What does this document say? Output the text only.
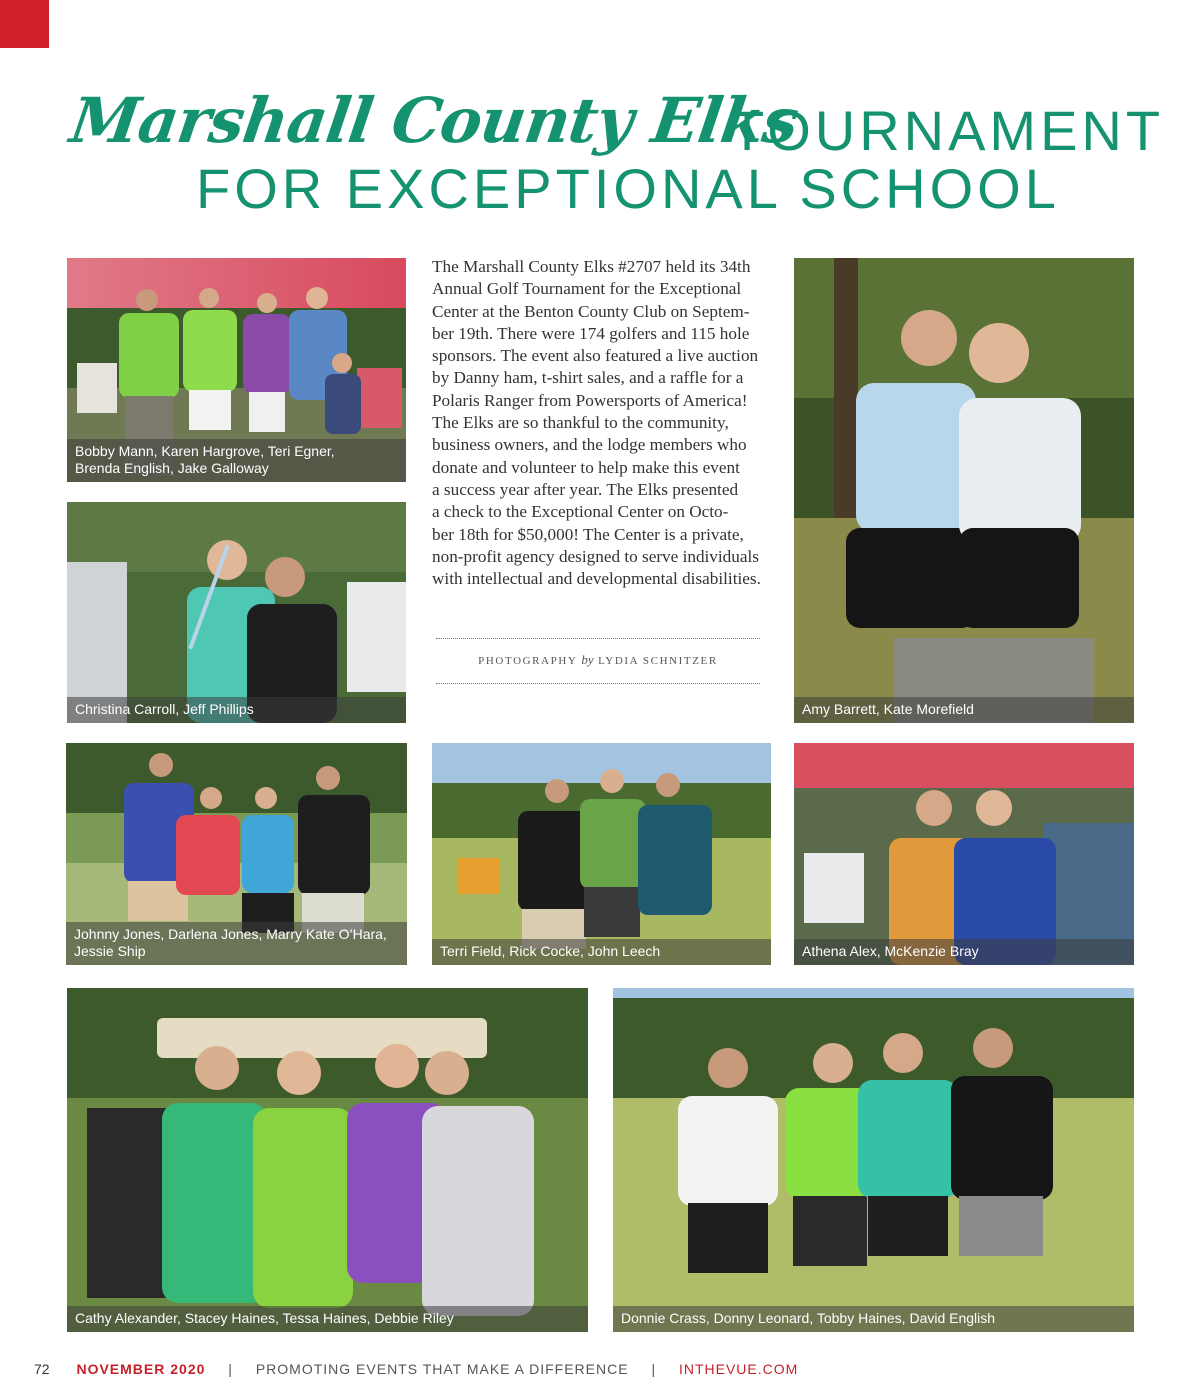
Marshall County Elks
TOURNAMENT
FOR EXCEPTIONAL SCHOOL
Bobby Mann, Karen Hargrove, Teri Egner,
Brenda English, Jake Galloway
Christina Carroll, Jeff Phillips	Amy Barrett, Kate Morefield
Johnny Jones, Darlena Jones, Marry Kate O’Hara,
Jessie Ship	Terri Field, Rick Cocke, John Leech	Athena Alex, McKenzie Bray
Cathy Alexander, Stacey Haines, Tessa Haines, Debbie Riley	Donnie Crass, Donny Leonard, Tobby Haines, David English
The Marshall County Elks #2707 held its 34th
Annual Golf Tournament for the Exceptional
Center at the Benton County Club on Septem-
ber 19th. There were 174 golfers and 115 hole
sponsors. The event also featured a live auction
by Danny ham, t-shirt sales, and a raffle for a
Polaris Ranger from Powersports of America!
The Elks are so thankful to the community,
business owners, and the lodge members who
donate and volunteer to help make this event
a success year after year. The Elks presented
a check to the Exceptional Center on Octo-
ber 18th for $50,000! The Center is a private,
non-profit agency designed to serve individuals
with intellectual and developmental disabilities.
PHOTOGRAPHY by LYDIA SCHNITZER
72 NOVEMBER 2020 | PROMOTING EVENTS THAT MAKE A DIFFERENCE | INTHEVUE.COM
